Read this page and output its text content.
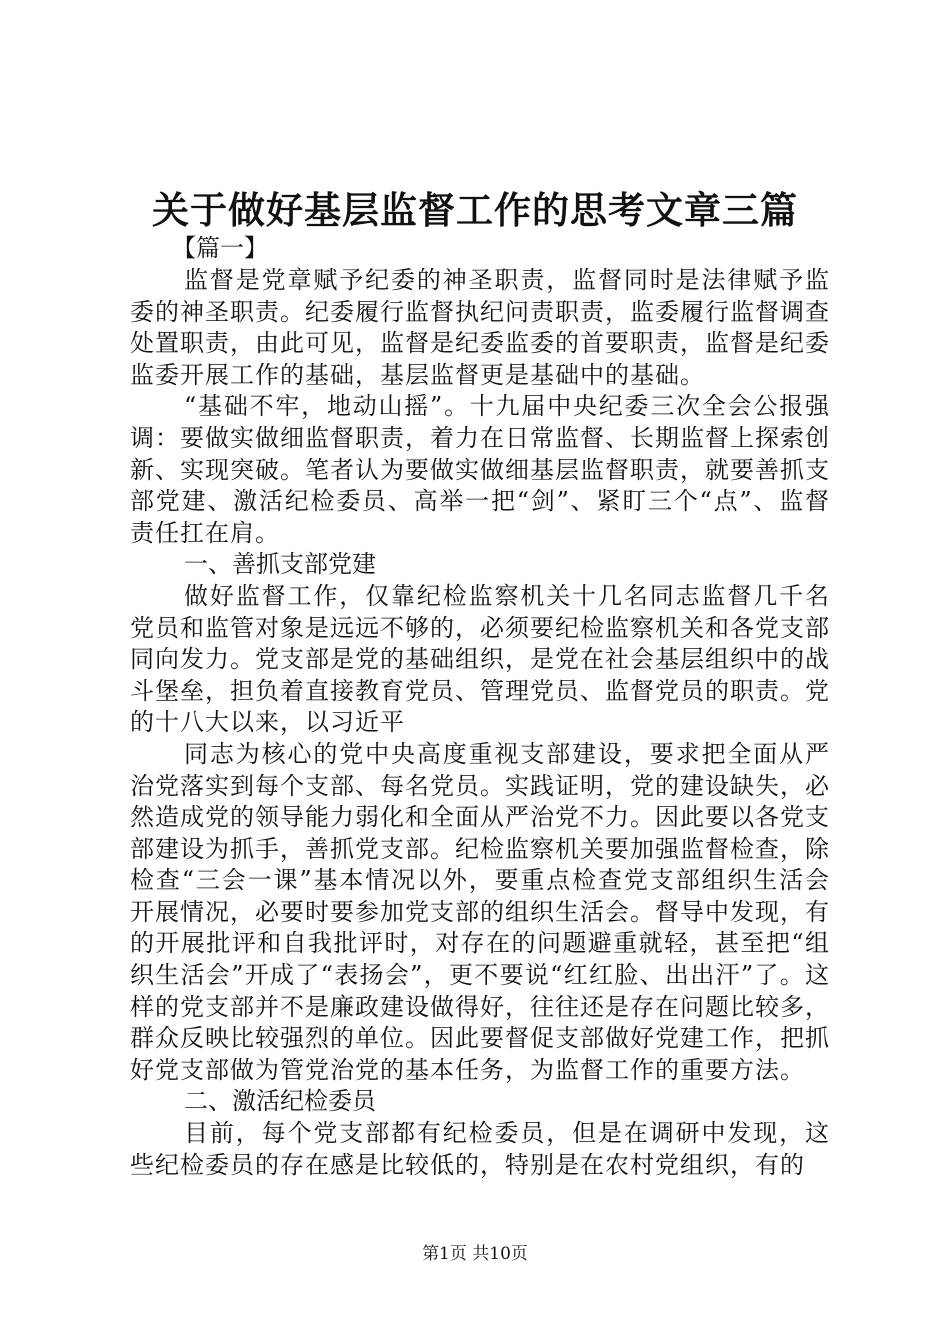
关于做好基层监督工作的思考文章三篇
【篇一】

监督是党章赋予纪委的神圣职责，监督同时是法律赋予监委的神圣职责。纪委履行监督执纪问责职责，监委履行监督调查处置职责，由此可见，监督是纪委监委的首要职责，监督是纪委监委开展工作的基础，基层监督更是基础中的基础。

“基础不牢，地动山摇”。十九届中央纪委三次全会公报强调：要做实做细监督职责，着力在日常监督、长期监督上探索创新、实现突破。笔者认为要做实做细基层监督职责，就要善抓支部党建、激活纪检委员、高举一把“剑”、紧盯三个“点”、监督责任扛在肩。

一、善抓支部党建

做好监督工作，仅靠纪检监察机关十几名同志监督几千名党员和监管对象是远远不够的，必须要纪检监察机关和各党支部同向发力。党支部是党的基础组织，是党在社会基层组织中的战斗堡垒，担负着直接教育党员、管理党员、监督党员的职责。党的十八大以来，以习近平

同志为核心的党中央高度重视支部建设，要求把全面从严治党落实到每个支部、每名党员。实践证明，党的建设缺失，必然造成党的领导能力弱化和全面从严治党不力。因此要以各党支部建设为抓手，善抓党支部。纪检监察机关要加强监督检查，除检查“三会一课”基本情况以外，要重点检查党支部组织生活会开展情况，必要时要参加党支部的组织生活会。督导中发现，有的开展批评和自我批评时，对存在的问题避重就轻，甚至把“组织生活会”开成了“表扬会”，更不要说“红红脸、出出汗”了。这样的党支部并不是廉政建设做得好，往往还是存在问题比较多，群众反映比较强烈的单位。因此要督促支部做好党建工作，把抓好党支部做为管党治党的基本任务，为监督工作的重要方法。

二、激活纪检委员

目前，每个党支部都有纪检委员，但是在调研中发现，这些纪检委员的存在感是比较低的，特别是在农村党组织，有的

第1页 共10页
